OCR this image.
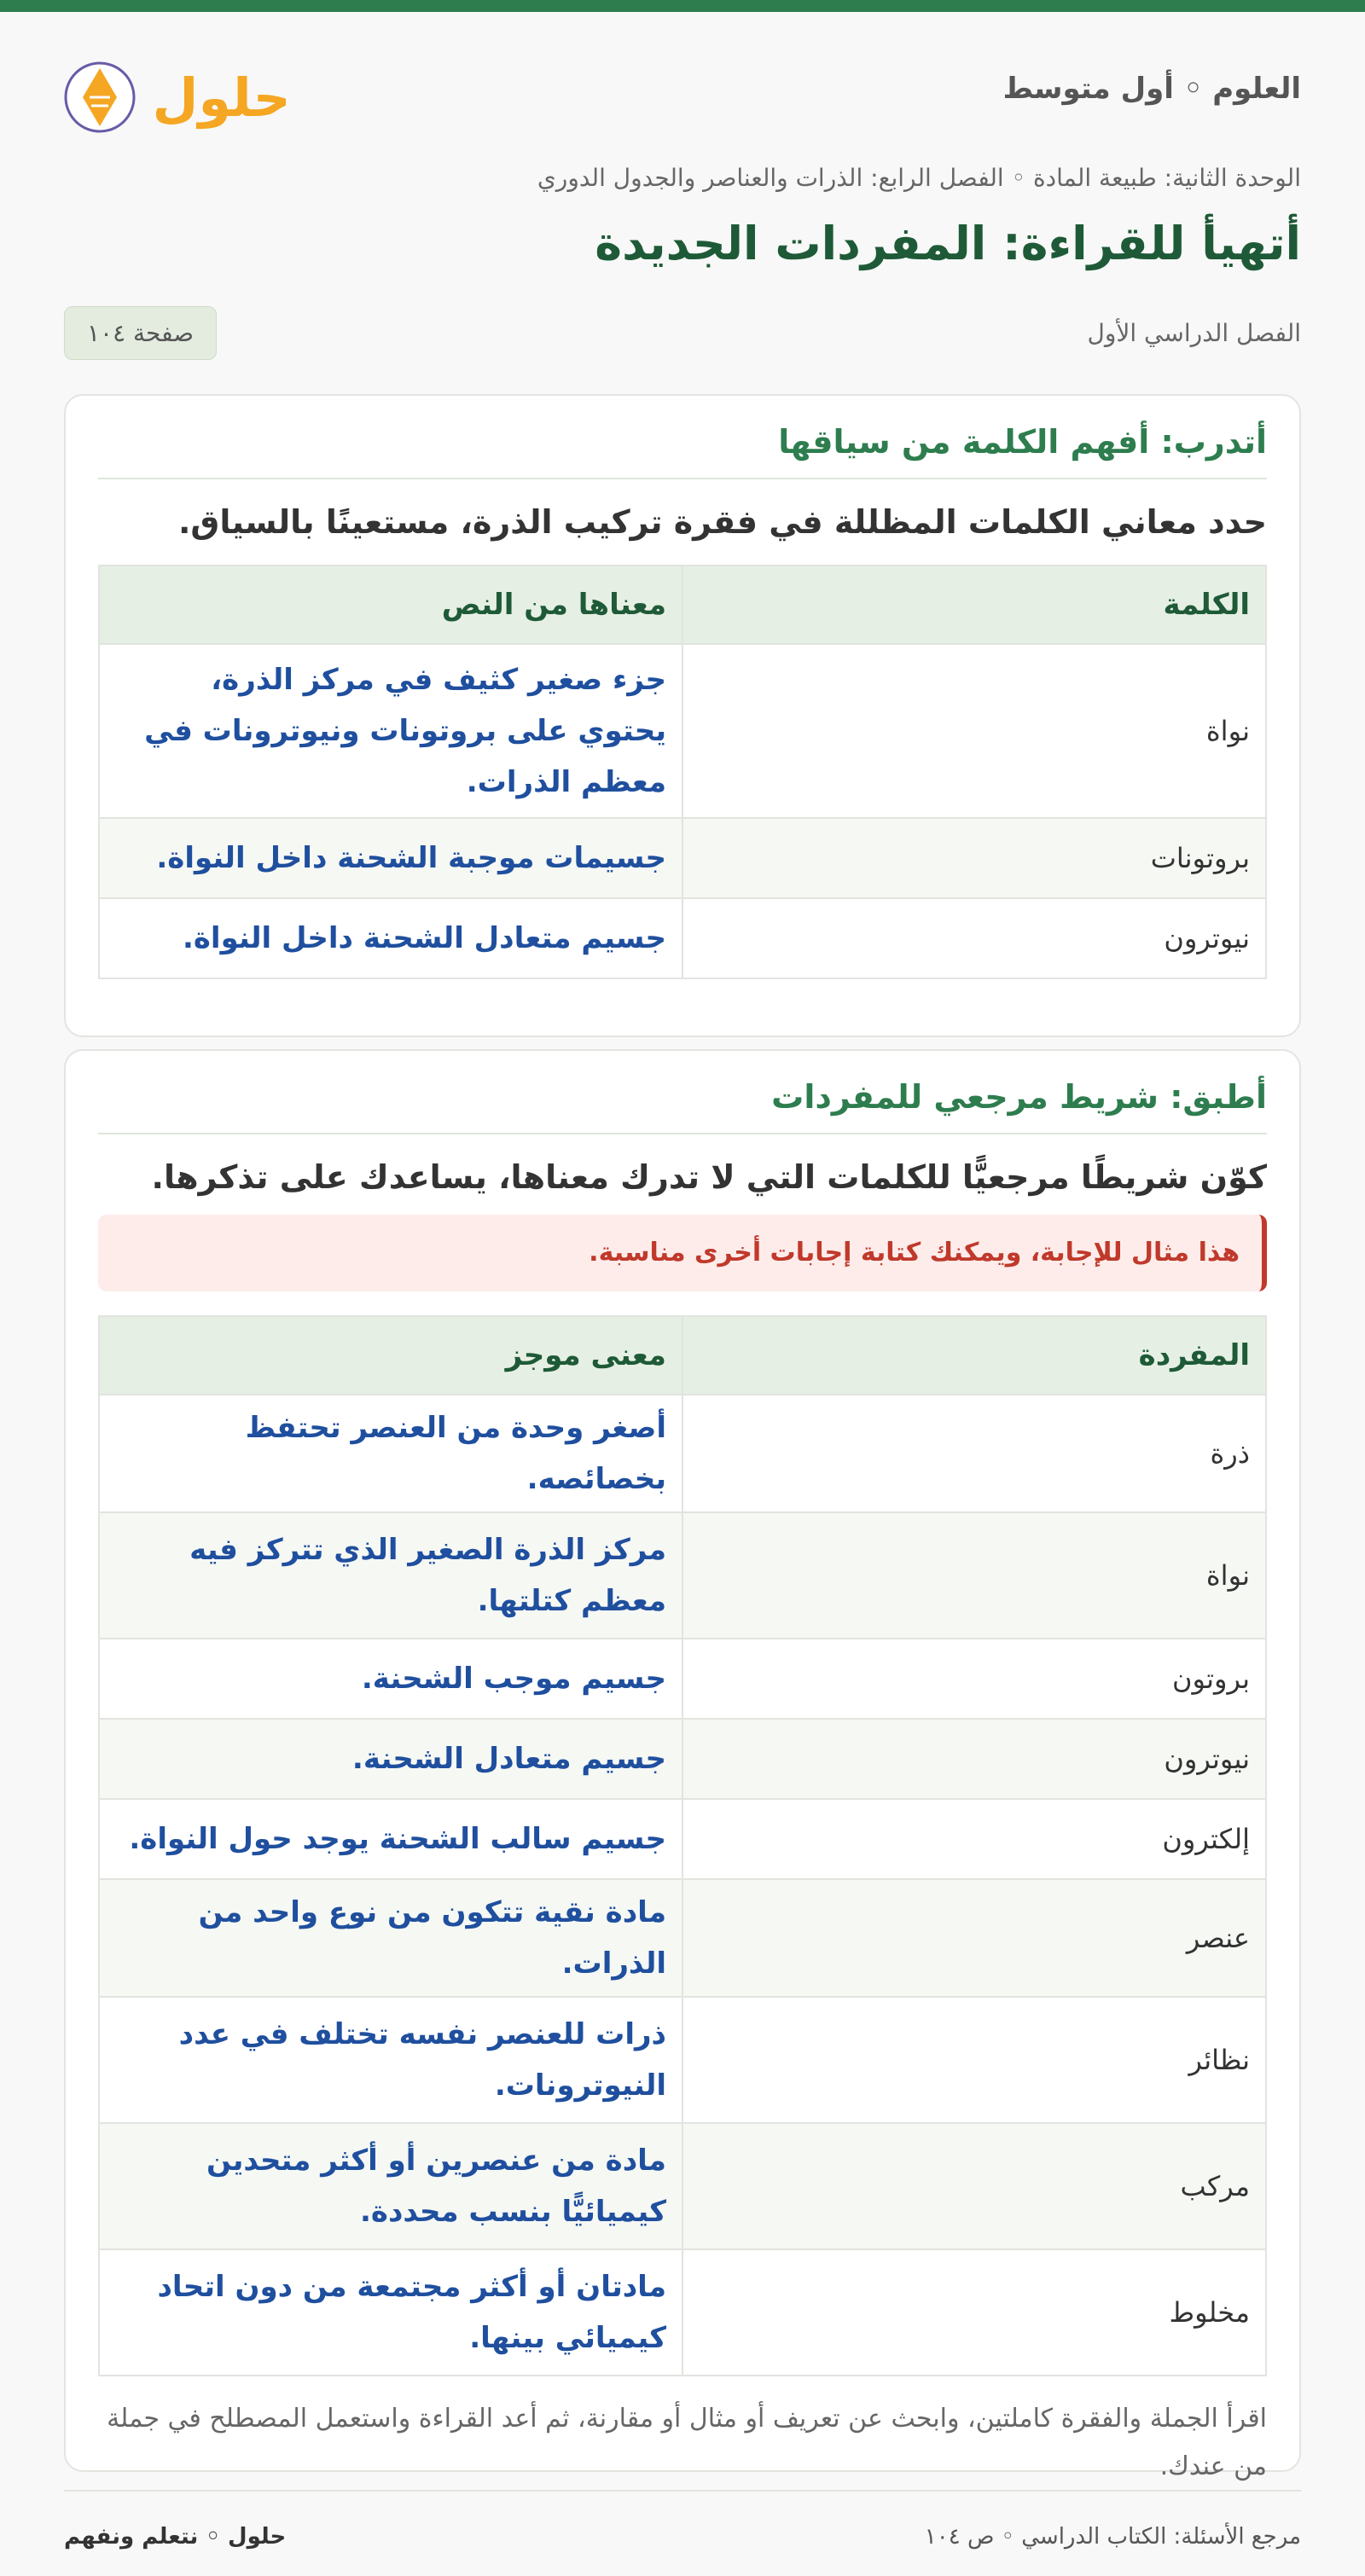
العلوم ◦ أول متوسط
حلول
الوحدة الثانية: طبيعة المادة ◦ الفصل الرابع: الذرات والعناصر والجدول الدوري
أتهيأ للقراءة: المفردات الجديدة
الفصل الدراسي الأول
صفحة ١٠٤
أتدرب: أفهم الكلمة من سياقها
حدد معاني الكلمات المظللة في فقرة تركيب الذرة، مستعينًا بالسياق.
الكلمة	معناها من النص
نواة	جزء صغير كثيف في مركز الذرة، يحتوي على بروتونات ونيوترونات في معظم الذرات.
بروتونات	جسيمات موجبة الشحنة داخل النواة.
نيوترون	جسيم متعادل الشحنة داخل النواة.
أطبق: شريط مرجعي للمفردات
كوّن شريطًا مرجعيًّا للكلمات التي لا تدرك معناها، يساعدك على تذكرها.
هذا مثال للإجابة، ويمكنك كتابة إجابات أخرى مناسبة.
المفردة	معنى موجز
ذرة	أصغر وحدة من العنصر تحتفظ بخصائصه.
نواة	مركز الذرة الصغير الذي تتركز فيه معظم كتلتها.
بروتون	جسيم موجب الشحنة.
نيوترون	جسيم متعادل الشحنة.
إلكترون	جسيم سالب الشحنة يوجد حول النواة.
عنصر	مادة نقية تتكون من نوع واحد من الذرات.
نظائر	ذرات للعنصر نفسه تختلف في عدد النيوترونات.
مركب	مادة من عنصرين أو أكثر متحدين كيميائيًّا بنسب محددة.
مخلوط	مادتان أو أكثر مجتمعة من دون اتحاد كيميائي بينها.
اقرأ الجملة والفقرة كاملتين، وابحث عن تعريف أو مثال أو مقارنة، ثم أعد القراءة واستعمل المصطلح في جملة من عندك.
مرجع الأسئلة: الكتاب الدراسي ◦ ص ١٠٤
حلول ◦ نتعلم ونفهم
